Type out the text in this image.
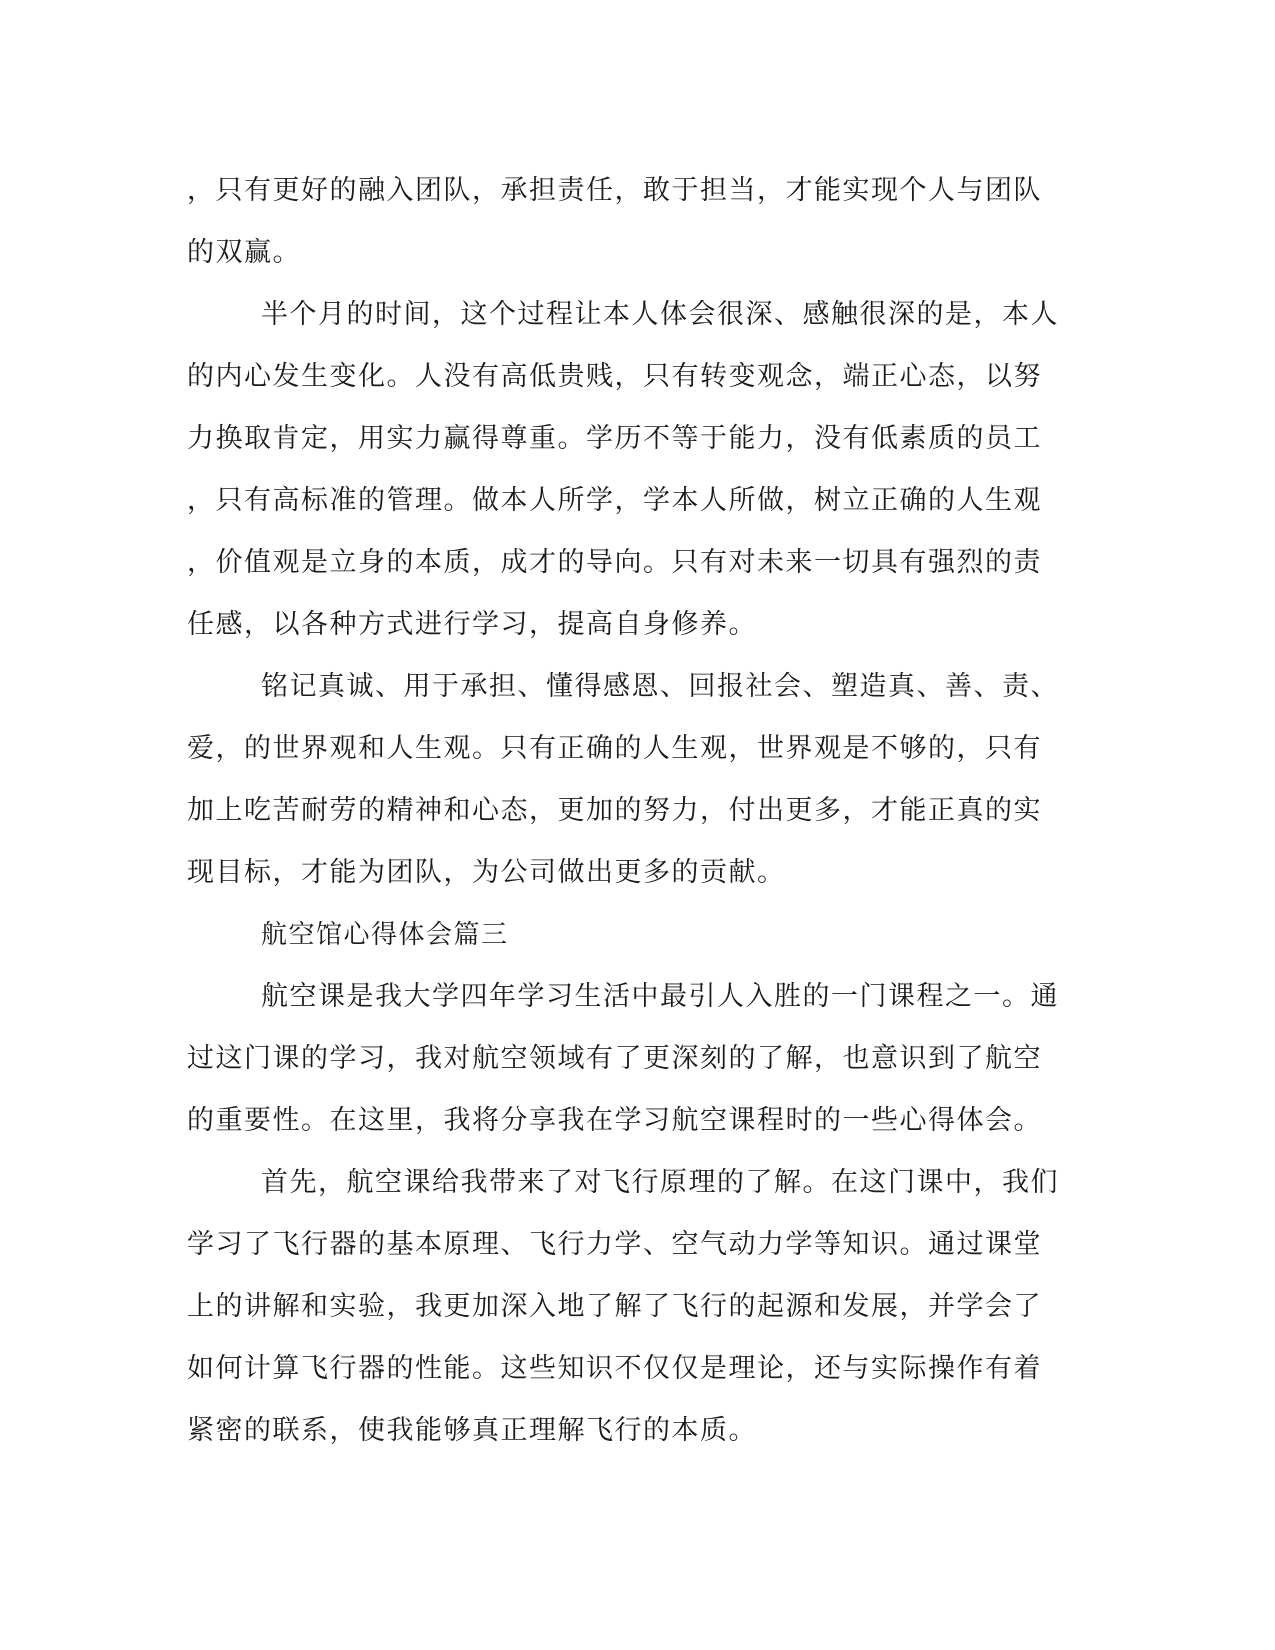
，只有更好的融入团队，承担责任，敢于担当，才能实现个人与团队
的双赢。
半个月的时间，这个过程让本人体会很深、感触很深的是，本人
的内心发生变化。人没有高低贵贱，只有转变观念，端正心态，以努
力换取肯定，用实力赢得尊重。学历不等于能力，没有低素质的员工
，只有高标准的管理。做本人所学，学本人所做，树立正确的人生观
，价值观是立身的本质，成才的导向。只有对未来一切具有强烈的责
任感，以各种方式进行学习，提高自身修养。
铭记真诚、用于承担、懂得感恩、回报社会、塑造真、善、责、
爱，的世界观和人生观。只有正确的人生观，世界观是不够的，只有
加上吃苦耐劳的精神和心态，更加的努力，付出更多，才能正真的实
现目标，才能为团队，为公司做出更多的贡献。
航空馆心得体会篇三
航空课是我大学四年学习生活中最引人入胜的一门课程之一。通
过这门课的学习，我对航空领域有了更深刻的了解，也意识到了航空
的重要性。在这里，我将分享我在学习航空课程时的一些心得体会。
首先，航空课给我带来了对飞行原理的了解。在这门课中，我们
学习了飞行器的基本原理、飞行力学、空气动力学等知识。通过课堂
上的讲解和实验，我更加深入地了解了飞行的起源和发展，并学会了
如何计算飞行器的性能。这些知识不仅仅是理论，还与实际操作有着
紧密的联系，使我能够真正理解飞行的本质。
